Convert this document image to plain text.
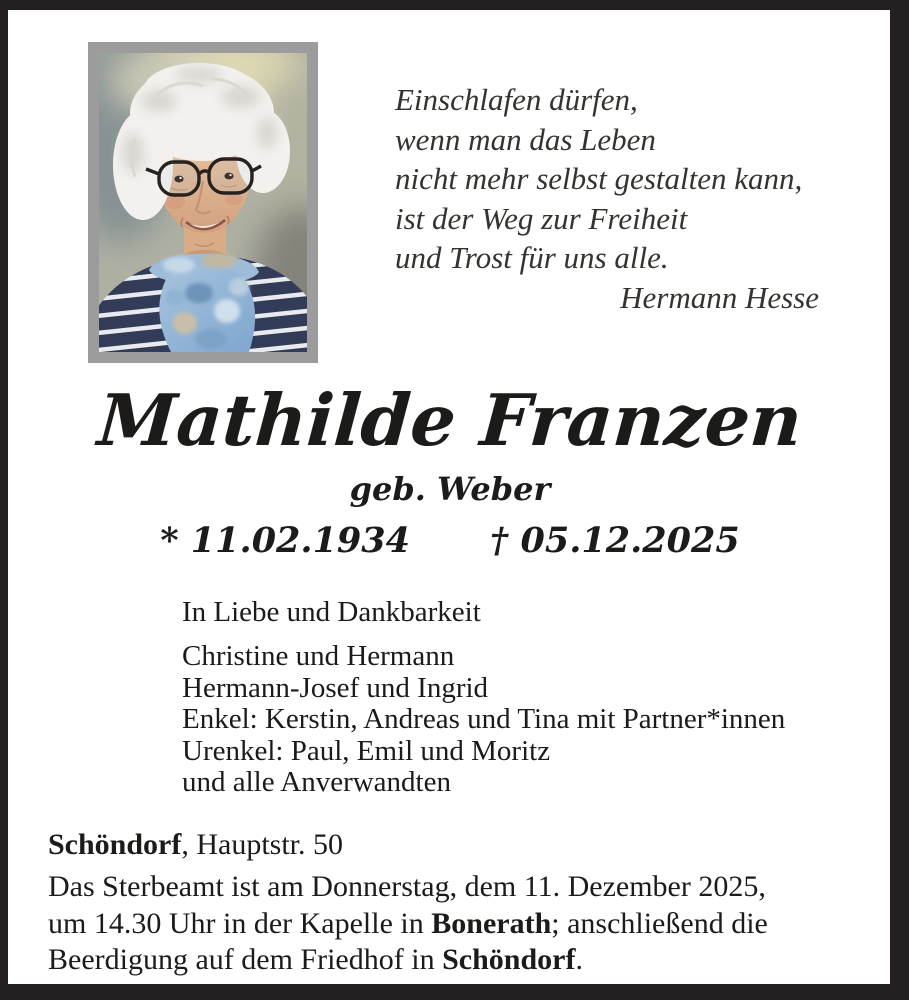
Einschlafen dürfen,
wenn man das Leben
nicht mehr selbst gestalten kann,
ist der Weg zur Freiheit
und Trost für uns alle.
Hermann Hesse
Mathilde Franzen
geb. Weber
* 11.02.1934 † 05.12.2025
In Liebe und Dankbarkeit
Christine und Hermann
Hermann-Josef und Ingrid
Enkel: Kerstin, Andreas und Tina mit Partner*innen
Urenkel: Paul, Emil und Moritz
und alle Anverwandten
Schöndorf, Hauptstr. 50
Das Sterbeamt ist am Donnerstag, dem 11. Dezember 2025,
um 14.30 Uhr in der Kapelle in Bonerath; anschließend die
Beerdigung auf dem Friedhof in Schöndorf.
